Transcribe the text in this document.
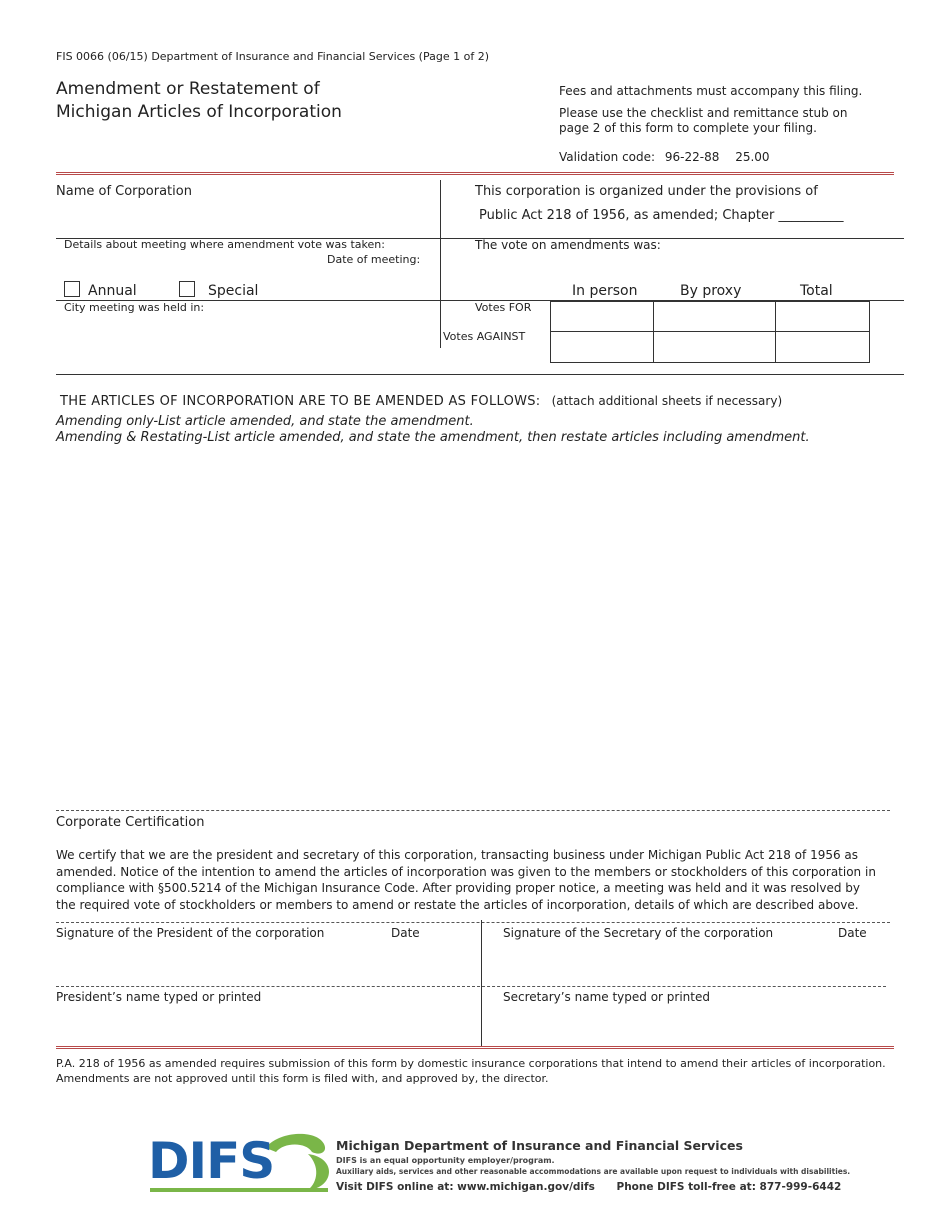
FIS 0066 (06/15) Department of Insurance and Financial Services (Page 1 of 2)
Amendment or Restatement of
Michigan Articles of Incorporation
Fees and attachments must accompany this filing.
Please use the checklist and remittance stub on
page 2 of this form to complete your filing.
Validation code: 96-22-88 25.00
Name of Corporation	This corporation is organized under the provisions of
Public Act 218 of 1956, as amended; Chapter __________
Details about meeting where amendment vote was taken:
Date of meeting:
Annual	Special
The vote on amendments was:
In person	By proxy	Total
City meeting was held in:	Votes FOR
Votes AGAINST
THE ARTICLES OF INCORPORATION ARE TO BE AMENDED AS FOLLOWS: (attach additional sheets if necessary)
Amending only-List article amended, and state the amendment.
Amending & Restating-List article amended, and state the amendment, then restate articles including amendment.
Corporate Certification
We certify that we are the president and secretary of this corporation, transacting business under Michigan Public Act 218 of 1956 as
amended. Notice of the intention to amend the articles of incorporation was given to the members or stockholders of this corporation in
compliance with §500.5214 of the Michigan Insurance Code. After providing proper notice, a meeting was held and it was resolved by
the required vote of stockholders or members to amend or restate the articles of incorporation, details of which are described above.
Signature of the President of the corporation	Date	Signature of the Secretary of the corporation	Date
President’s name typed or printed	Secretary’s name typed or printed
P.A. 218 of 1956 as amended requires submission of this form by domestic insurance corporations that intend to amend their articles of incorporation.
Amendments are not approved until this form is filed with, and approved by, the director.
DIFS	Michigan Department of Insurance and Financial Services
DIFS is an equal opportunity employer/program.
Auxiliary aids, services and other reasonable accommodations are available upon request to individuals with disabilities.
Visit DIFS online at: www.michigan.gov/difs Phone DIFS toll-free at: 877-999-6442
